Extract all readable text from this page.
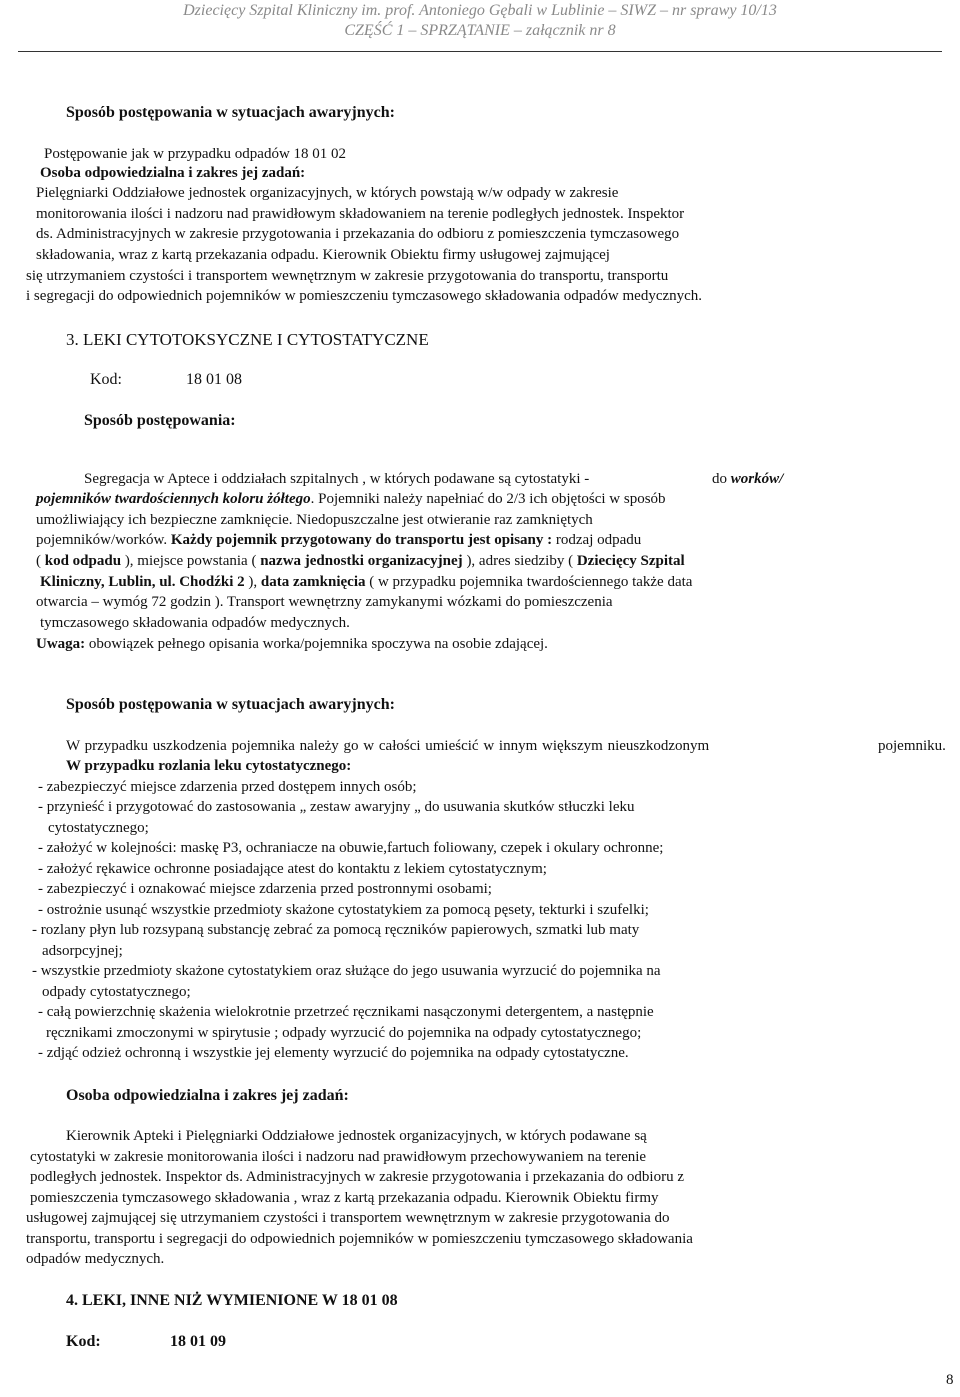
Dziecięcy Szpital Kliniczny im. prof. Antoniego Gębali w Lublinie – SIWZ – nr sprawy 10/13
CZĘŚĆ 1 – SPRZĄTANIE – załącznik nr 8
Sposób postępowania w sytuacjach awaryjnych:
Postępowanie jak w przypadku odpadów 18 01 02
Osoba odpowiedzialna i zakres jej zadań:
Pielęgniarki Oddziałowe jednostek organizacyjnych, w których powstają w/w odpady w zakresie
monitorowania ilości i nadzoru nad prawidłowym składowaniem na terenie podległych jednostek. Inspektor
ds. Administracyjnych w zakresie przygotowania i przekazania do odbioru z pomieszczenia tymczasowego
składowania, wraz z kartą przekazania odpadu. Kierownik Obiektu firmy usługowej zajmującej
się utrzymaniem czystości i transportem wewnętrznym w zakresie przygotowania do transportu, transportu
i segregacji do odpowiednich pojemników w pomieszczeniu tymczasowego składowania odpadów medycznych.
3. LEKI CYTOTOKSYCZNE I CYTOSTATYCZNE
Kod:	18 01 08
Sposób postępowania:
Segregacja w Aptece i oddziałach szpitalnych , w których podawane są cytostatyki -	do worków/
pojemników twardościennych koloru żółtego. Pojemniki należy napełniać do 2/3 ich objętości w sposób
umożliwiający ich bezpieczne zamknięcie. Niedopuszczalne jest otwieranie raz zamkniętych
pojemników/worków. Każdy pojemnik przygotowany do transportu jest opisany : rodzaj odpadu
( kod odpadu ), miejsce powstania ( nazwa jednostki organizacyjnej ), adres siedziby ( Dziecięcy Szpital
Kliniczny, Lublin, ul. Chodźki 2 ), data zamknięcia ( w przypadku pojemnika twardościennego także data
otwarcia – wymóg 72 godzin ). Transport wewnętrzny zamykanymi wózkami do pomieszczenia
tymczasowego składowania odpadów medycznych.
Uwaga: obowiązek pełnego opisania worka/pojemnika spoczywa na osobie zdającej.
Sposób postępowania w sytuacjach awaryjnych:
W przypadku uszkodzenia pojemnika należy go w całości umieścić w innym większym nieuszkodzonym	pojemniku.
W przypadku rozlania leku cytostatycznego:
- zabezpieczyć miejsce zdarzenia przed dostępem innych osób;
- przynieść i przygotować do zastosowania „ zestaw awaryjny „ do usuwania skutków stłuczki leku
cytostatycznego;
- założyć w kolejności: maskę P3, ochraniacze na obuwie,fartuch foliowany, czepek i okulary ochronne;
- założyć rękawice ochronne posiadające atest do kontaktu z lekiem cytostatycznym;
- zabezpieczyć i oznakować miejsce zdarzenia przed postronnymi osobami;
- ostrożnie usunąć wszystkie przedmioty skażone cytostatykiem za pomocą pęsety, tekturki i szufelki;
- rozlany płyn lub rozsypaną substancję zebrać za pomocą ręczników papierowych, szmatki lub maty
adsorpcyjnej;
- wszystkie przedmioty skażone cytostatykiem oraz służące do jego usuwania wyrzucić do pojemnika na
odpady cytostatycznego;
- całą powierzchnię skażenia wielokrotnie przetrzeć ręcznikami nasączonymi detergentem, a następnie
ręcznikami zmoczonymi w spirytusie ; odpady wyrzucić do pojemnika na odpady cytostatycznego;
- zdjąć odzież ochronną i wszystkie jej elementy wyrzucić do pojemnika na odpady cytostatyczne.
Osoba odpowiedzialna i zakres jej zadań:
Kierownik Apteki i Pielęgniarki Oddziałowe jednostek organizacyjnych, w których podawane są
cytostatyki w zakresie monitorowania ilości i nadzoru nad prawidłowym przechowywaniem na terenie
podległych jednostek. Inspektor ds. Administracyjnych w zakresie przygotowania i przekazania do odbioru z
pomieszczenia tymczasowego składowania , wraz z kartą przekazania odpadu. Kierownik Obiektu firmy
usługowej zajmującej się utrzymaniem czystości i transportem wewnętrznym w zakresie przygotowania do
transportu, transportu i segregacji do odpowiednich pojemników w pomieszczeniu tymczasowego składowania
odpadów medycznych.
4. LEKI, INNE NIŻ WYMIENIONE W 18 01 08
Kod:	18 01 09
8
